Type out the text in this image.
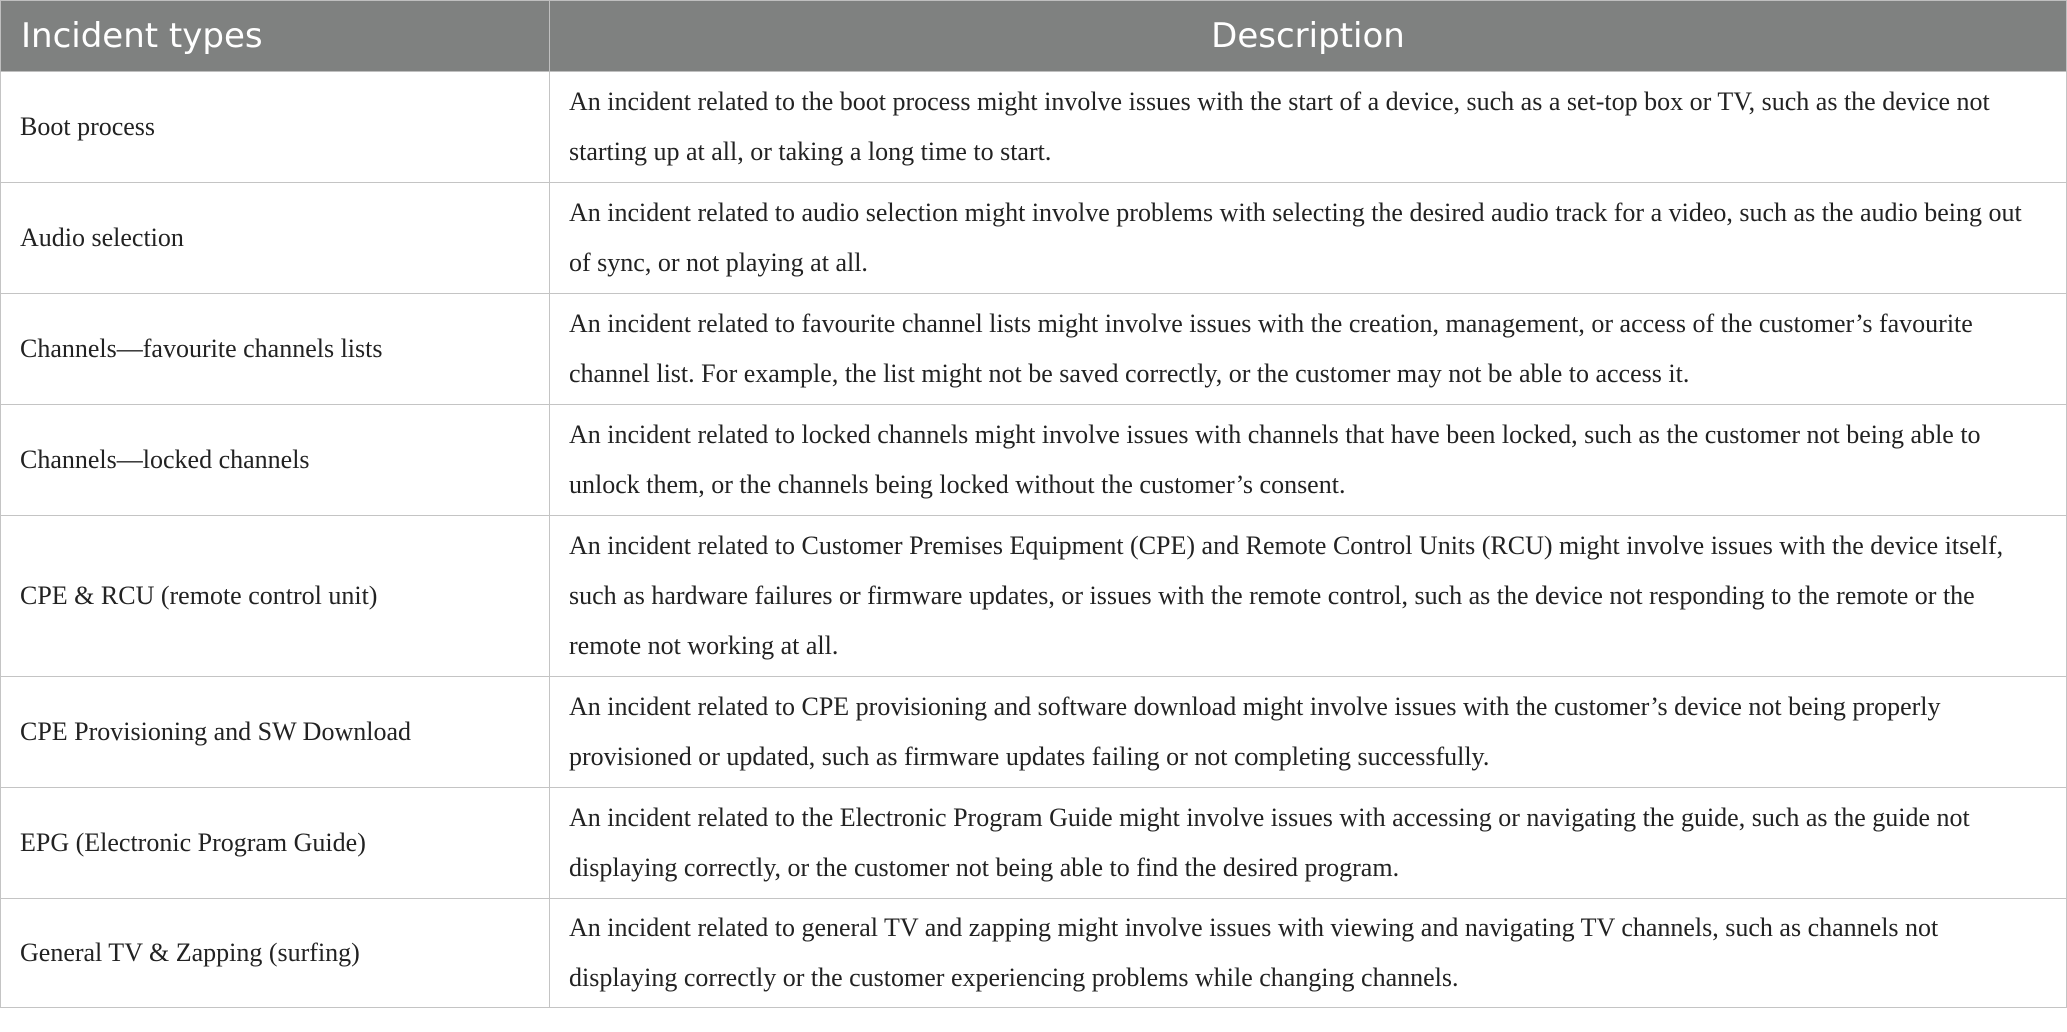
Incident types	Description
Boot process	An incident related to the boot process might involve issues with the start of a device, such as a set-top box or TV, such as the device not starting up at all, or taking a long time to start.
Audio selection	An incident related to audio selection might involve problems with selecting the desired audio track for a video, such as the audio being out of sync, or not playing at all.
Channels—favourite channels lists	An incident related to favourite channel lists might involve issues with the creation, management, or access of the customer’s favourite channel list. For example, the list might not be saved correctly, or the customer may not be able to access it.
Channels—locked channels	An incident related to locked channels might involve issues with channels that have been locked, such as the customer not being able to unlock them, or the channels being locked without the customer’s consent.
CPE & RCU (remote control unit)	An incident related to Customer Premises Equipment (CPE) and Remote Control Units (RCU) might involve issues with the device itself, such as hardware failures or firmware updates, or issues with the remote control, such as the device not responding to the remote or the remote not working at all.
CPE Provisioning and SW Download	An incident related to CPE provisioning and software download might involve issues with the customer’s device not being properly provisioned or updated, such as firmware updates failing or not completing successfully.
EPG (Electronic Program Guide)	An incident related to the Electronic Program Guide might involve issues with accessing or navigating the guide, such as the guide not displaying correctly, or the customer not being able to find the desired program.
General TV & Zapping (surfing)	An incident related to general TV and zapping might involve issues with viewing and navigating TV channels, such as channels not displaying correctly or the customer experiencing problems while changing channels.
